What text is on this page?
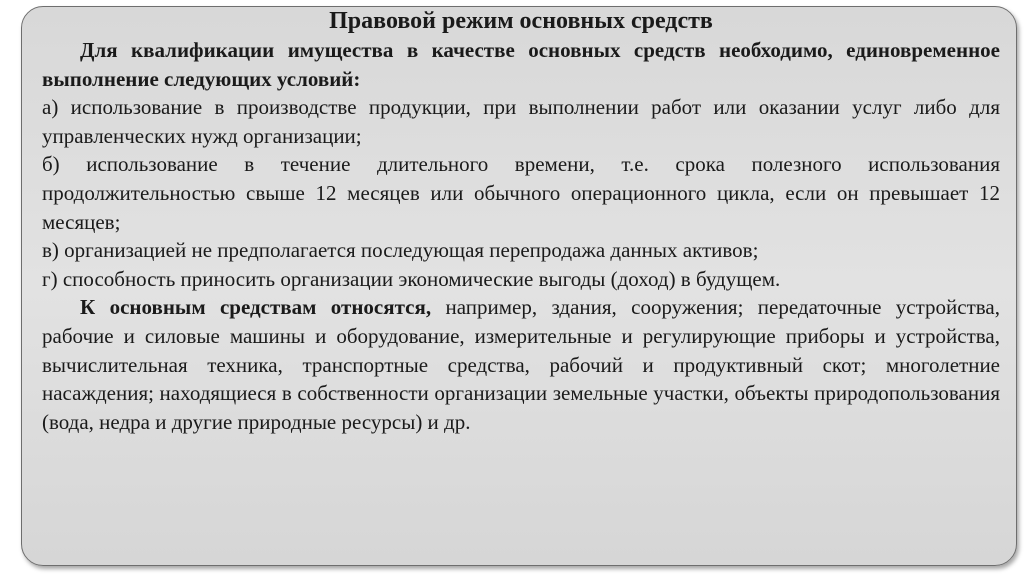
Правовой режим основных средств

Для квалификации имущества в качестве основных средств необходимо, единовременное выполнение следующих условий:

а) использование в производстве продукции, при выполнении работ или оказании услуг либо для управленческих нужд организации;

б) использование в течение длительного времени, т.е. срока полезного использования продолжительностью свыше 12 месяцев или обычного операционного цикла, если он превышает 12 месяцев;

в) организацией не предполагается последующая перепродажа данных активов;

г) способность приносить организации экономические выгоды (доход) в будущем.

К основным средствам относятся, например, здания, сооружения; передаточные устройства, рабочие и силовые машины и оборудование, измерительные и регулирующие приборы и устройства, вычислительная техника, транспортные средства, рабочий и продуктивный скот; многолетние насаждения; находящиеся в собственности организации земельные участки, объекты природопользования (вода, недра и другие природные ресурсы) и др.
